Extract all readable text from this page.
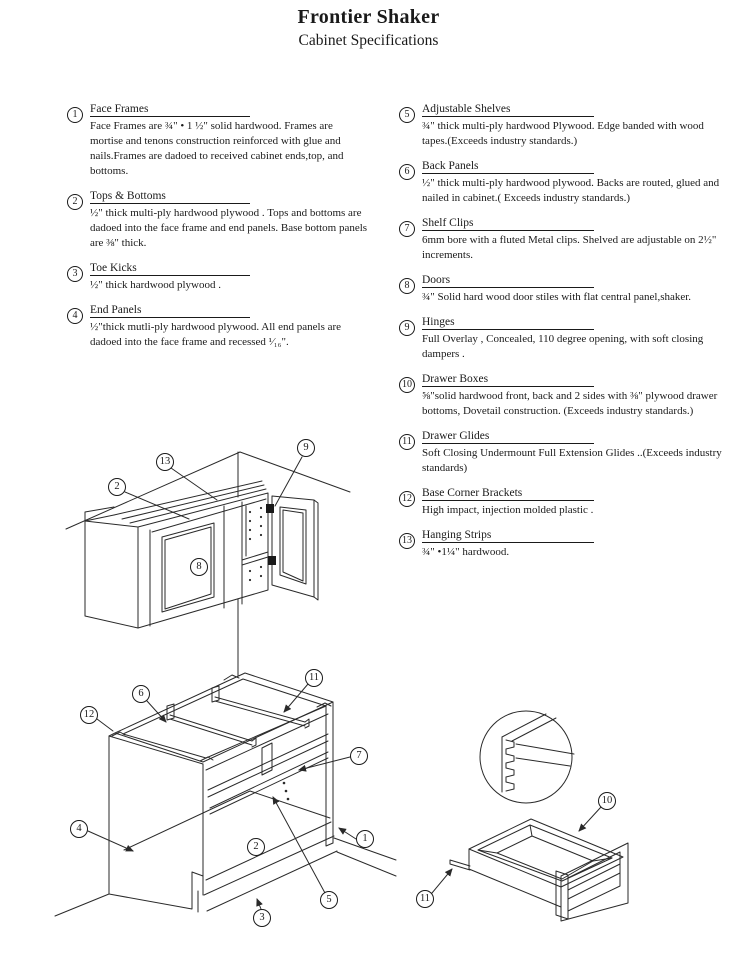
Frontier Shaker
Cabinet Specifications
1	Face Frames

Face Frames are ¾" • 1 ½" solid hardwood. Frames are mortise and tenons construction reinforced with glue and nails.Frames are dadoed to received cabinet ends,top, and bottoms.

2	Tops & Bottoms

½" thick multi-ply hardwood plywood . Tops and bottoms are dadoed into the face frame and end panels. Base bottom panels are ⅜" thick.

3	Toe Kicks

½" thick hardwood plywood .

4	End Panels

½"thick mutli-ply hardwood plywood. All end panels are dadoed into the face frame and recessed ¹⁄₁₆".

5	Adjustable Shelves

¾" thick multi-ply hardwood Plywood. Edge banded with wood tapes.(Exceeds industry standards.)

6	Back Panels

½" thick multi-ply hardwood plywood. Backs are routed, glued and nailed in cabinet.( Exceeds industry standards.)

7	Shelf Clips

6mm bore with a fluted Metal clips. Shelved are adjustable on 2½" increments.

8	Doors

¾" Solid hard wood door stiles with flat central panel,shaker.

9	Hinges

Full Overlay , Concealed, 110 degree opening, with soft closing dampers .

10 Drawer Boxes

⅝"solid hardwood front, back and 2 sides with ⅜" plywood drawer bottoms, Dovetail construction. (Exceeds industry standards.)

11 Drawer Glides

Soft Closing Undermount Full Extension Glides ..(Exceeds industry standards)

12 Base Corner Brackets

High impact, injection molded plastic .

13 Hanging Strips

¾" •1¼" hardwood.

13
2
9
8
6
12
11
7
1
4
2
5
3
10
11
